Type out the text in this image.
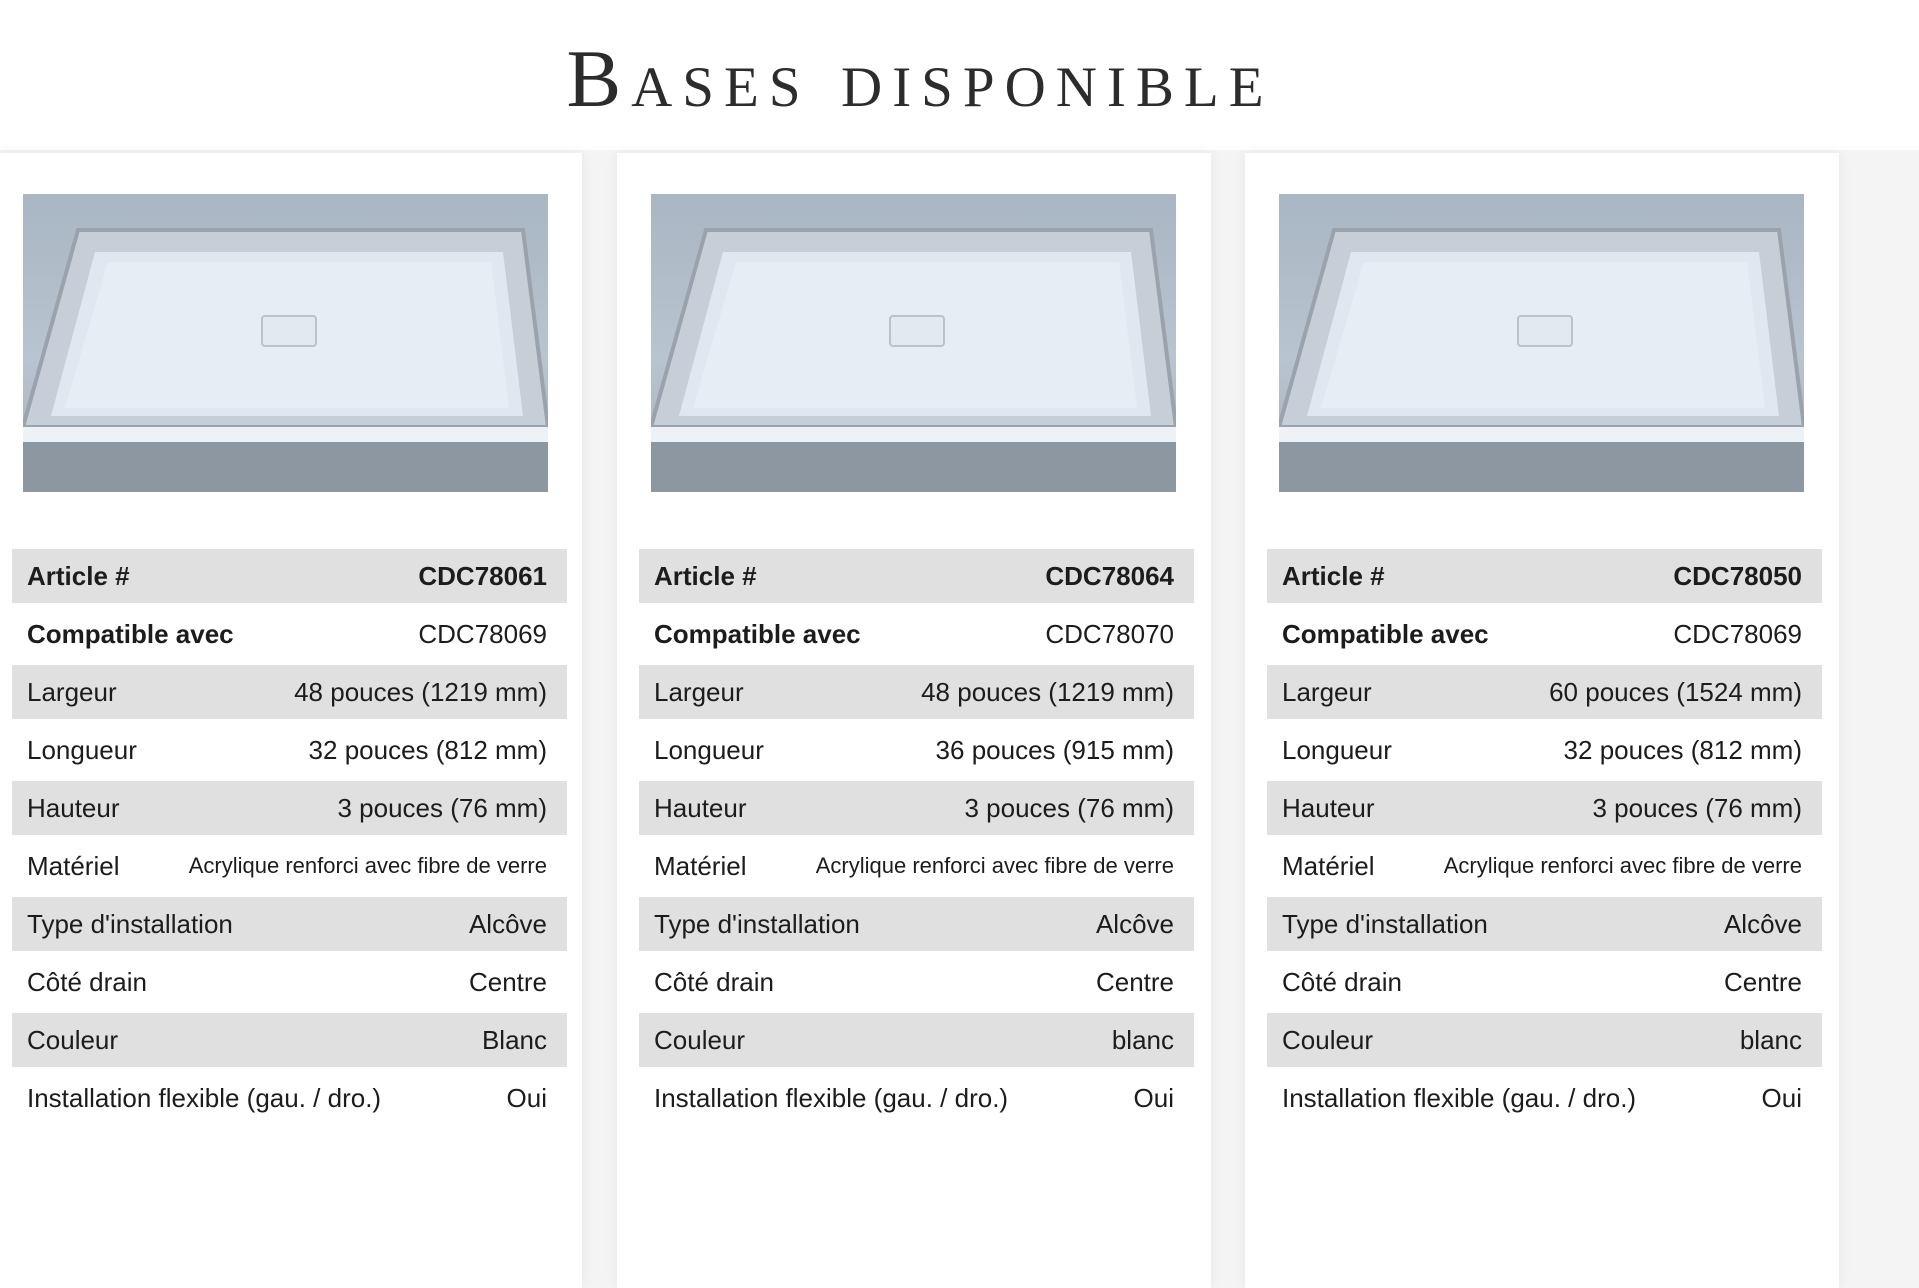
Bases disponible
Article #	CDC78061
Compatible avec	CDC78069
Largeur	48 pouces (1219 mm)
Longueur	32 pouces (812 mm)
Hauteur	3 pouces (76 mm)
Matériel	Acrylique renforci avec fibre de verre
Type d'installation	Alcôve
Côté drain	Centre
Couleur	Blanc
Installation flexible (gau. / dro.)	Oui
Article #	CDC78064
Compatible avec	CDC78070
Largeur	48 pouces (1219 mm)
Longueur	36 pouces (915 mm)
Hauteur	3 pouces (76 mm)
Matériel	Acrylique renforci avec fibre de verre
Type d'installation	Alcôve
Côté drain	Centre
Couleur	blanc
Installation flexible (gau. / dro.)	Oui
Article #	CDC78050
Compatible avec	CDC78069
Largeur	60 pouces (1524 mm)
Longueur	32 pouces (812 mm)
Hauteur	3 pouces (76 mm)
Matériel	Acrylique renforci avec fibre de verre
Type d'installation	Alcôve
Côté drain	Centre
Couleur	blanc
Installation flexible (gau. / dro.)	Oui
